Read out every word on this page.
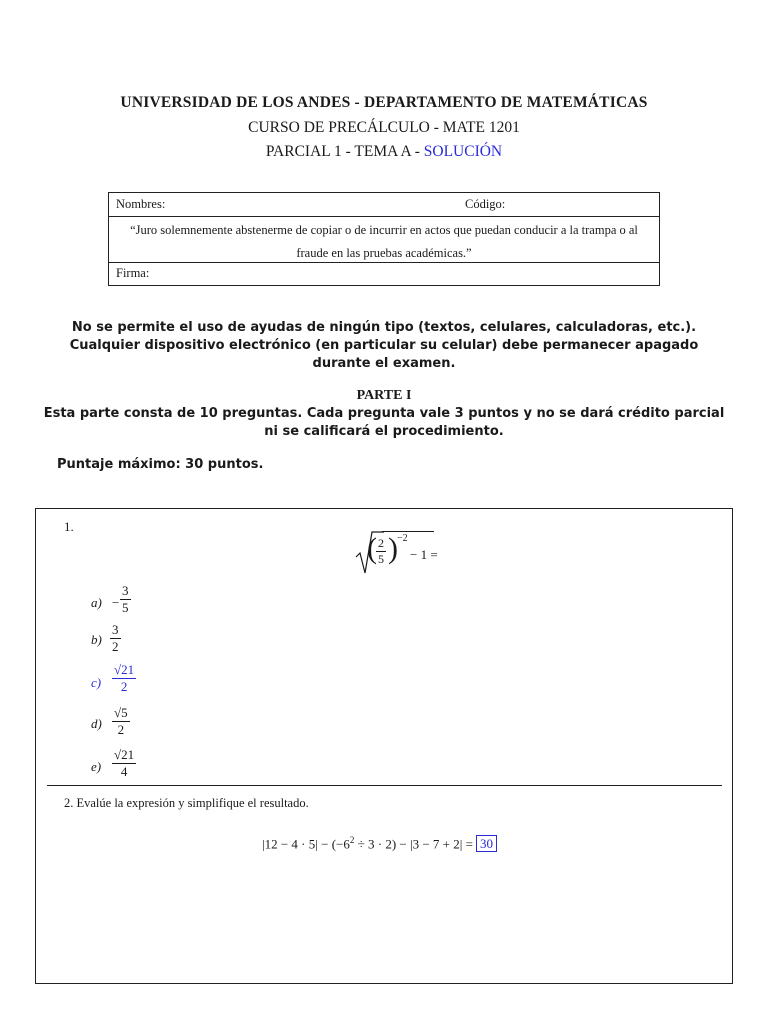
UNIVERSIDAD DE LOS ANDES - DEPARTAMENTO DE MATEMÁTICAS
CURSO DE PRECÁLCULO - MATE 1201
PARCIAL 1 - TEMA A - SOLUCIÓN
Nombres:	Código:
“Juro solemnemente abstenerme de copiar o de incurrir en actos que puedan conducir a la trampa o al fraude en las pruebas académicas.”
Firma:
No se permite el uso de ayudas de ningún tipo (textos, celulares, calculadoras, etc.). Cualquier dispositivo electrónico (en particular su celular) debe permanecer apagado durante el examen.
PARTE I
Esta parte consta de 10 preguntas. Cada pregunta vale 3 puntos y no se dará crédito parcial ni se calificará el procedimiento.
Puntaje máximo: 30 puntos.
1.
( $\frac{2}{5}$ ) −2
− 1 =
$a) - \frac{3}{5}$
$b) \frac{3}{2}$
$c) \frac{√21}{2}$
$d) \frac{√5}{2}$
$e) \frac{√21}{4}$
2. Evalúe la expresión y simplifique el resultado.
$|12 - 4 \cdot 5| - (-6^2 \div 3 \cdot 2) - |3 - 7 + 2| = 30$
